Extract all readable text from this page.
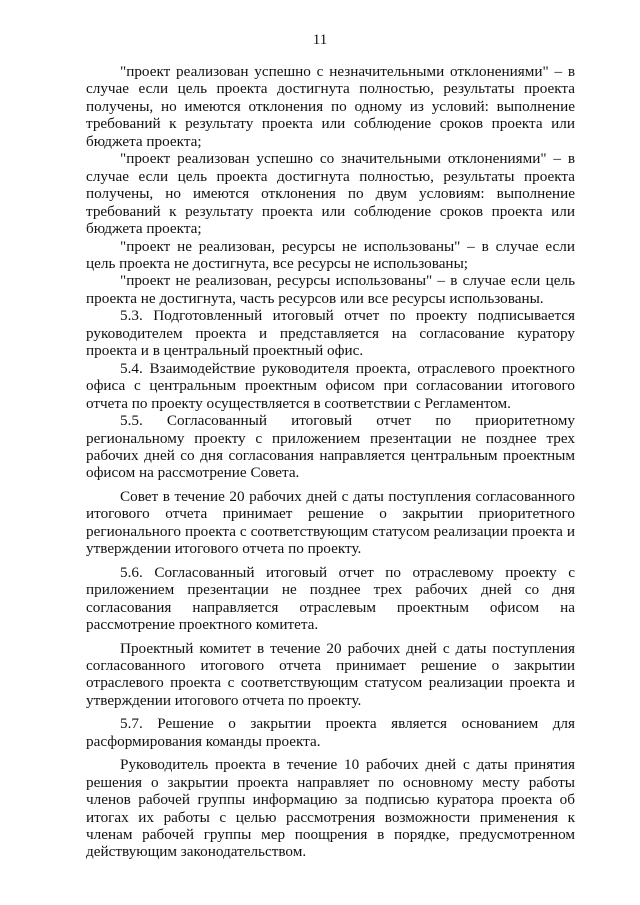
11

"проект реализован успешно с незначительными отклонениями" – в случае если цель проекта достигнута полностью, результаты проекта получены, но имеются отклонения по одному из условий: выполнение требований к результату проекта или соблюдение сроков проекта или бюджета проекта;

"проект реализован успешно со значительными отклонениями" – в случае если цель проекта достигнута полностью, результаты проекта получены, но имеются отклонения по двум условиям: выполнение требований к результату проекта или соблюдение сроков проекта или бюджета проекта;

"проект не реализован, ресурсы не использованы" – в случае если цель проекта не достигнута, все ресурсы не использованы;

"проект не реализован, ресурсы использованы" – в случае если цель проекта не достигнута, часть ресурсов или все ресурсы использованы.

5.3. Подготовленный итоговый отчет по проекту подписывается руководителем проекта и представляется на согласование куратору проекта и в центральный проектный офис.

5.4. Взаимодействие руководителя проекта, отраслевого проектного офиса с центральным проектным офисом при согласовании итогового отчета по проекту осуществляется в соответствии с Регламентом.

5.5. Согласованный итоговый отчет по приоритетному региональному проекту с приложением презентации не позднее трех рабочих дней со дня согласования направляется центральным проектным офисом на рассмотрение Совета.

Совет в течение 20 рабочих дней с даты поступления согласованного итогового отчета принимает решение о закрытии приоритетного регионального проекта с соответствующим статусом реализации проекта и утверждении итогового отчета по проекту.

5.6. Согласованный итоговый отчет по отраслевому проекту с приложением презентации не позднее трех рабочих дней со дня согласования направляется отраслевым проектным офисом на рассмотрение проектного комитета.

Проектный комитет в течение 20 рабочих дней с даты поступления согласованного итогового отчета принимает решение о закрытии отраслевого проекта с соответствующим статусом реализации проекта и утверждении итогового отчета по проекту.

5.7. Решение о закрытии проекта является основанием для расформирования команды проекта.

Руководитель проекта в течение 10 рабочих дней с даты принятия решения о закрытии проекта направляет по основному месту работы членов рабочей группы информацию за подписью куратора проекта об итогах их работы с целью рассмотрения возможности применения к членам рабочей группы мер поощрения в порядке, предусмотренном действующим законодательством.
